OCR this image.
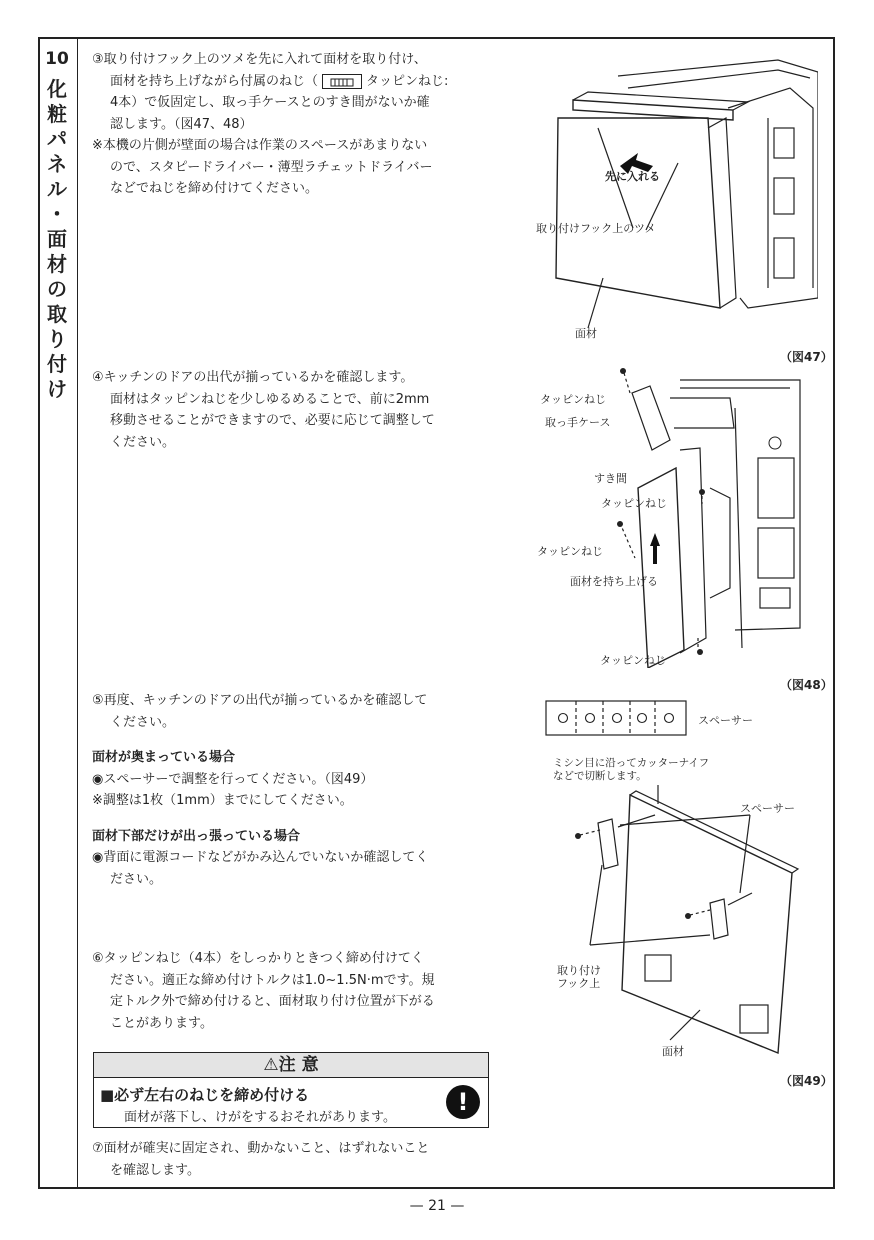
10
化
粧
パ
ネ
ル
・
面
材
の
取
り
付
け

③取り付けフック上のツメを先に入れて面材を取り付け、

面材を持ち上げながら付属のねじ（	タッピンねじ:

4本）で仮固定し、取っ手ケースとのすき間がないか確

認します。（図47、48）

※本機の片側が壁面の場合は作業のスペースがあまりない

ので、スタピードライバー・薄型ラチェットドライバー

などでねじを締め付けてください。

④キッチンのドアの出代が揃っているかを確認します。

面材はタッピンねじを少しゆるめることで、前に2mm

移動させることができますので、必要に応じて調整して

ください。

⑤再度、キッチンのドアの出代が揃っているかを確認して

ください。

面材が奥まっている場合

◉スペーサーで調整を行ってください。（図49）

※調整は1枚（1mm）までにしてください。

面材下部だけが出っ張っている場合

◉背面に電源コードなどがかみ込んでいないか確認してく

ださい。

⑥タッピンねじ（4本）をしっかりときつく締め付けてく

ださい。適正な締め付けトルクは1.0~1.5N·mです。規

定トルク外で締め付けると、面材取り付け位置が下がる

ことがあります。

⚠注 意
■必ず左右のねじを締め付ける
面材が落下し、けがをするおそれがあります。
!

⑦面材が確実に固定され、動かないこと、はずれないこと

を確認します。

先に入れる
取り付けフック上のツメ
面材
（図47）
タッピンねじ
取っ手ケース
すき間
タッピンねじ
タッピンねじ
面材を持ち上げる
タッピンねじ
（図48）
スペーサー
ミシン目に沿ってカッターナイフ
などで切断します。
スペーサー
取り付け
フック上
面材
（図49）
— 21 —
